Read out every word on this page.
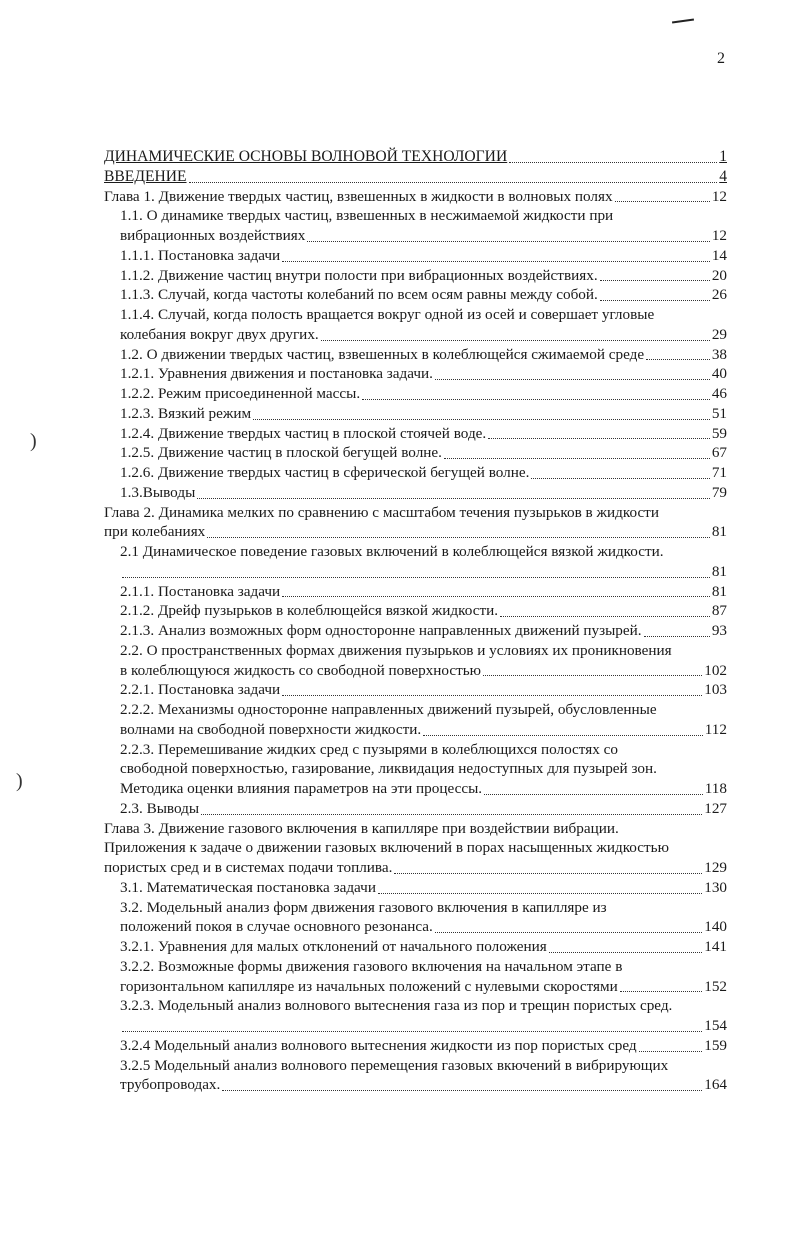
2
)
)
ДИНАМИЧЕСКИЕ ОСНОВЫ ВОЛНОВОЙ ТЕХНОЛОГИИ	1
ВВЕДЕНИЕ	4
Глава 1. Движение твердых частиц, взвешенных в жидкости в волновых полях	12
1.1. О динамике твердых частиц, взвешенных в несжимаемой жидкости при
вибрационных воздействиях	12
1.1.1. Постановка задачи	14
1.1.2. Движение частиц внутри полости при вибрационных воздействиях.	20
1.1.3. Случай, когда частоты колебаний по всем осям равны между собой.	26
1.1.4. Случай, когда полость вращается вокруг одной из осей и совершает угловые
колебания вокруг двух других.	29
1.2. О движении твердых частиц, взвешенных в колеблющейся сжимаемой среде	38
1.2.1. Уравнения движения и постановка задачи.	40
1.2.2. Режим присоединенной массы.	46
1.2.3. Вязкий режим	51
1.2.4. Движение твердых частиц в плоской стоячей воде.	59
1.2.5. Движение частиц в плоской бегущей волне.	67
1.2.6. Движение твердых частиц в сферической бегущей волне.	71
1.3.Выводы	79
Глава 2. Динамика мелких по сравнению с масштабом течения пузырьков в жидкости
при колебаниях	81
2.1 Динамическое поведение газовых включений в колеблющейся вязкой жидкости.
81
2.1.1. Постановка задачи	81
2.1.2. Дрейф пузырьков в колеблющейся вязкой жидкости.	87
2.1.3. Анализ возможных форм односторонне направленных движений пузырей.	93
2.2. О пространственных формах движения пузырьков и условиях их проникновения
в колеблющуюся жидкость со свободной поверхностью	102
2.2.1. Постановка задачи	103
2.2.2. Механизмы односторонне направленных движений пузырей, обусловленные
волнами на свободной поверхности жидкости.	112
2.2.3. Перемешивание жидких сред с пузырями в колеблющихся полостях со
свободной поверхностью, газирование, ликвидация недоступных для пузырей зон.
Методика оценки влияния параметров на эти процессы.	118
2.3. Выводы	127
Глава 3. Движение газового включения в капилляре при воздействии вибрации.
Приложения к задаче о движении газовых включений в порах насыщенных жидкостью
пористых сред и в системах подачи топлива.	129
3.1. Математическая постановка задачи	130
3.2. Модельный анализ форм движения газового включения в капилляре из
положений покоя в случае основного резонанса.	140
3.2.1. Уравнения для малых отклонений от начального положения	141
3.2.2. Возможные формы движения газового включения на начальном этапе в
горизонтальном капилляре из начальных положений с нулевыми скоростями	152
3.2.3. Модельный анализ волнового вытеснения газа из пор и трещин пористых сред.
154
3.2.4 Модельный анализ волнового вытеснения жидкости из пор пористых сред	159
3.2.5 Модельный анализ волнового перемещения газовых вкючений в вибрирующих
трубопроводах.	164
